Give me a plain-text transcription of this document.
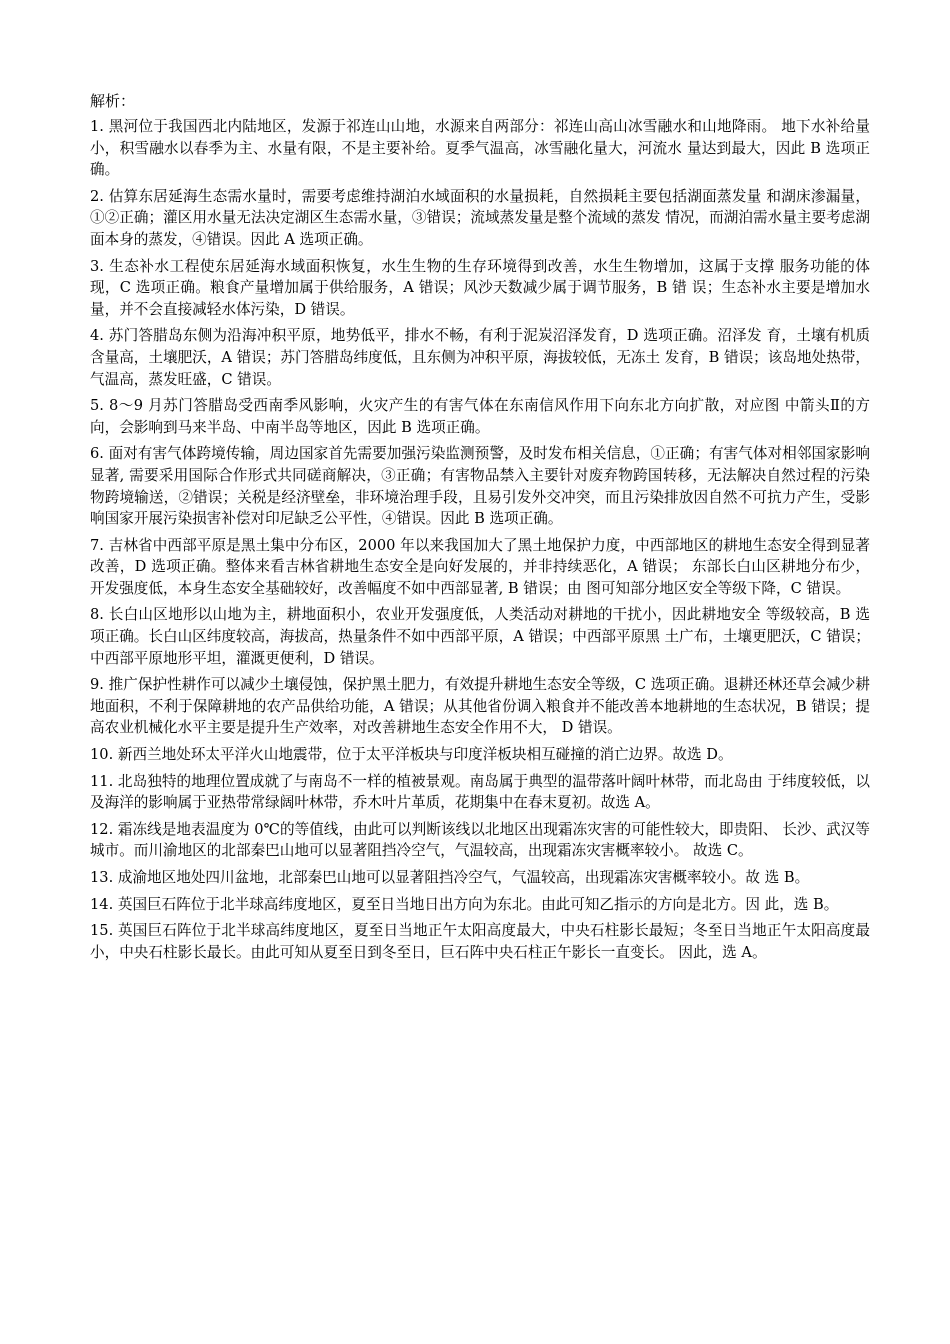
解析：
1. 黑河位于我国西北内陆地区，发源于祁连山山地，水源来自两部分：祁连山高山冰雪融水和山地降雨。 地下水补给量小，积雪融水以春季为主、水量有限，不是主要补给。夏季气温高，冰雪融化量大，河流水 量达到最大，因此 B 选项正确。
2. 估算东居延海生态需水量时，需要考虑维持湖泊水域面积的水量损耗，自然损耗主要包括湖面蒸发量 和湖床渗漏量，①②正确；灌区用水量无法决定湖区生态需水量，③错误；流域蒸发量是整个流域的蒸发 情况，而湖泊需水量主要考虑湖面本身的蒸发，④错误。因此 A 选项正确。
3. 生态补水工程使东居延海水域面积恢复，水生生物的生存环境得到改善，水生生物增加，这属于支撑 服务功能的体现，C 选项正确。粮食产量增加属于供给服务，A 错误；风沙天数减少属于调节服务，B 错 误；生态补水主要是增加水量，并不会直接减轻水体污染，D 错误。
4. 苏门答腊岛东侧为沿海冲积平原，地势低平，排水不畅，有利于泥炭沼泽发育，D 选项正确。沼泽发 育，土壤有机质含量高，土壤肥沃，A 错误；苏门答腊岛纬度低，且东侧为冲积平原，海拔较低，无冻土 发育，B 错误；该岛地处热带，气温高，蒸发旺盛，C 错误。
5. 8～9 月苏门答腊岛受西南季风影响，火灾产生的有害气体在东南信风作用下向东北方向扩散，对应图 中箭头Ⅱ的方向，会影响到马来半岛、中南半岛等地区，因此 B 选项正确。
6. 面对有害气体跨境传输，周边国家首先需要加强污染监测预警，及时发布相关信息，①正确；有害气体对相邻国家影响显著, 需要采用国际合作形式共同磋商解决，③正确；有害物品禁入主要针对废弃物跨国转移，无法解决自然过程的污染物跨境输送，②错误；关税是经济壁垒，非环境治理手段，且易引发外交冲突，而且污染排放因自然不可抗力产生，受影响国家开展污染损害补偿对印尼缺乏公平性，④错误。因此 B 选项正确。
7. 吉林省中西部平原是黑土集中分布区，2000 年以来我国加大了黑土地保护力度，中西部地区的耕地生态安全得到显著改善，D 选项正确。整体来看吉林省耕地生态安全是向好发展的，并非持续恶化，A 错误； 东部长白山区耕地分布少，开发强度低，本身生态安全基础较好，改善幅度不如中西部显著, B 错误；由 图可知部分地区安全等级下降，C 错误。
8. 长白山区地形以山地为主，耕地面积小，农业开发强度低，人类活动对耕地的干扰小，因此耕地安全 等级较高，B 选项正确。长白山区纬度较高，海拔高，热量条件不如中西部平原，A 错误；中西部平原黑 土广布，土壤更肥沃，C 错误；中西部平原地形平坦，灌溉更便利，D 错误。
9. 推广保护性耕作可以减少土壤侵蚀，保护黑土肥力，有效提升耕地生态安全等级，C 选项正确。退耕还林还草会减少耕地面积，不利于保障耕地的农产品供给功能，A 错误；从其他省份调入粮食并不能改善本地耕地的生态状况，B 错误；提高农业机械化水平主要是提升生产效率，对改善耕地生态安全作用不大， D 错误。
10. 新西兰地处环太平洋火山地震带，位于太平洋板块与印度洋板块相互碰撞的消亡边界。故选 D。
11. 北岛独特的地理位置成就了与南岛不一样的植被景观。南岛属于典型的温带落叶阔叶林带，而北岛由 于纬度较低，以及海洋的影响属于亚热带常绿阔叶林带，乔木叶片革质，花期集中在春末夏初。故选 A。
12. 霜冻线是地表温度为 0℃的等值线，由此可以判断该线以北地区出现霜冻灾害的可能性较大，即贵阳、 长沙、武汉等城市。而川渝地区的北部秦巴山地可以显著阻挡冷空气，气温较高，出现霜冻灾害概率较小。 故选 C。
13. 成渝地区地处四川盆地，北部秦巴山地可以显著阻挡冷空气，气温较高，出现霜冻灾害概率较小。故 选 B。
14. 英国巨石阵位于北半球高纬度地区，夏至日当地日出方向为东北。由此可知乙指示的方向是北方。因 此，选 B。
15. 英国巨石阵位于北半球高纬度地区，夏至日当地正午太阳高度最大，中央石柱影长最短；冬至日当地正午太阳高度最小，中央石柱影长最长。由此可知从夏至日到冬至日，巨石阵中央石柱正午影长一直变长。 因此，选 A。
